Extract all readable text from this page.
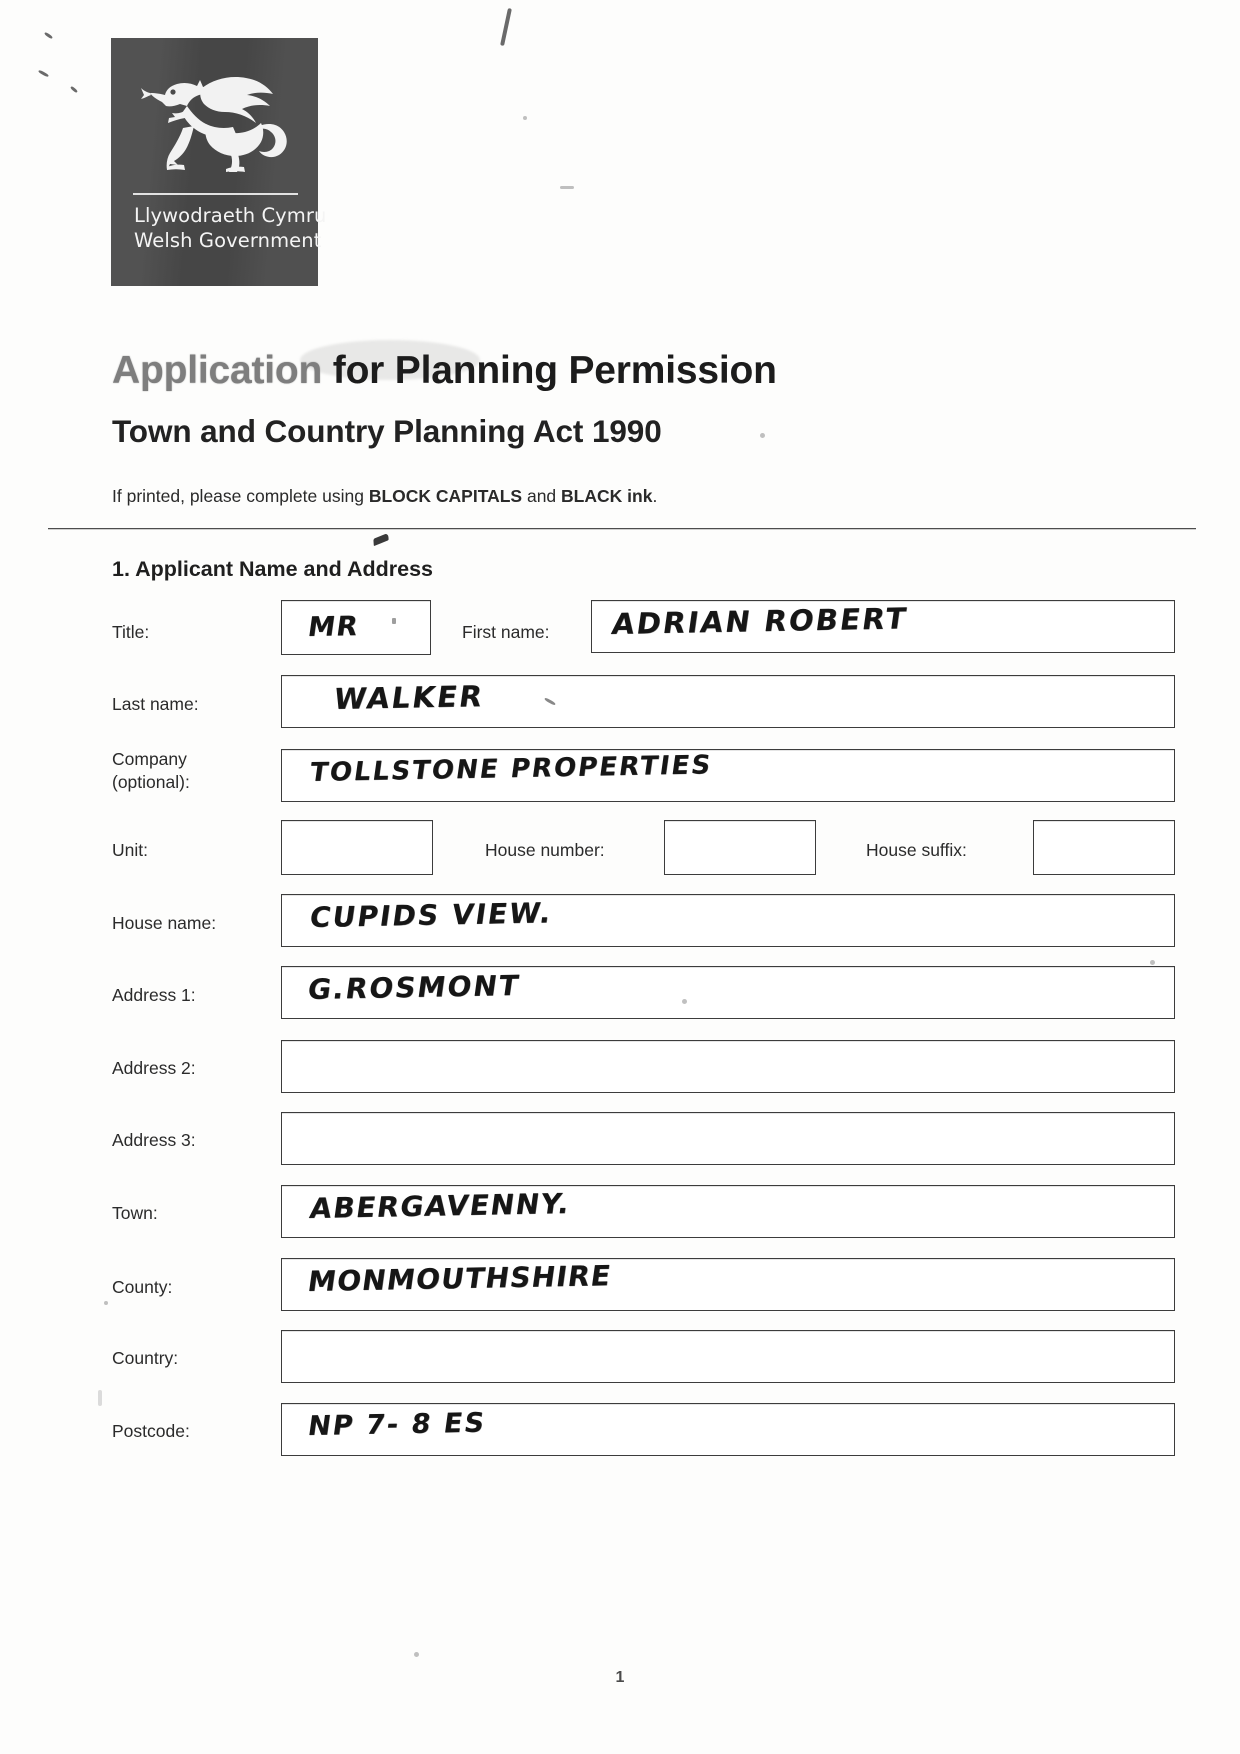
Llywodraeth Cymru
Welsh Government
Application for Planning Permission
Town and Country Planning Act 1990
If printed, please complete using BLOCK CAPITALS and BLACK ink.
1. Applicant Name and Address
Title:	MR	First name: ADRIAN ROBERT
Last name:	WALKER
Company
(optional):	TOLLSTONE PROPERTIES
Unit:	House number:	House suffix:
House name:	CUPIDS VIEW.
Address 1:	G.ROSMONT
Address 2:
Address 3:
Town:	ABERGAVENNY.
County:	MONMOUTHSHIRE
Country:
Postcode:	NP 7- 8 ES
1
